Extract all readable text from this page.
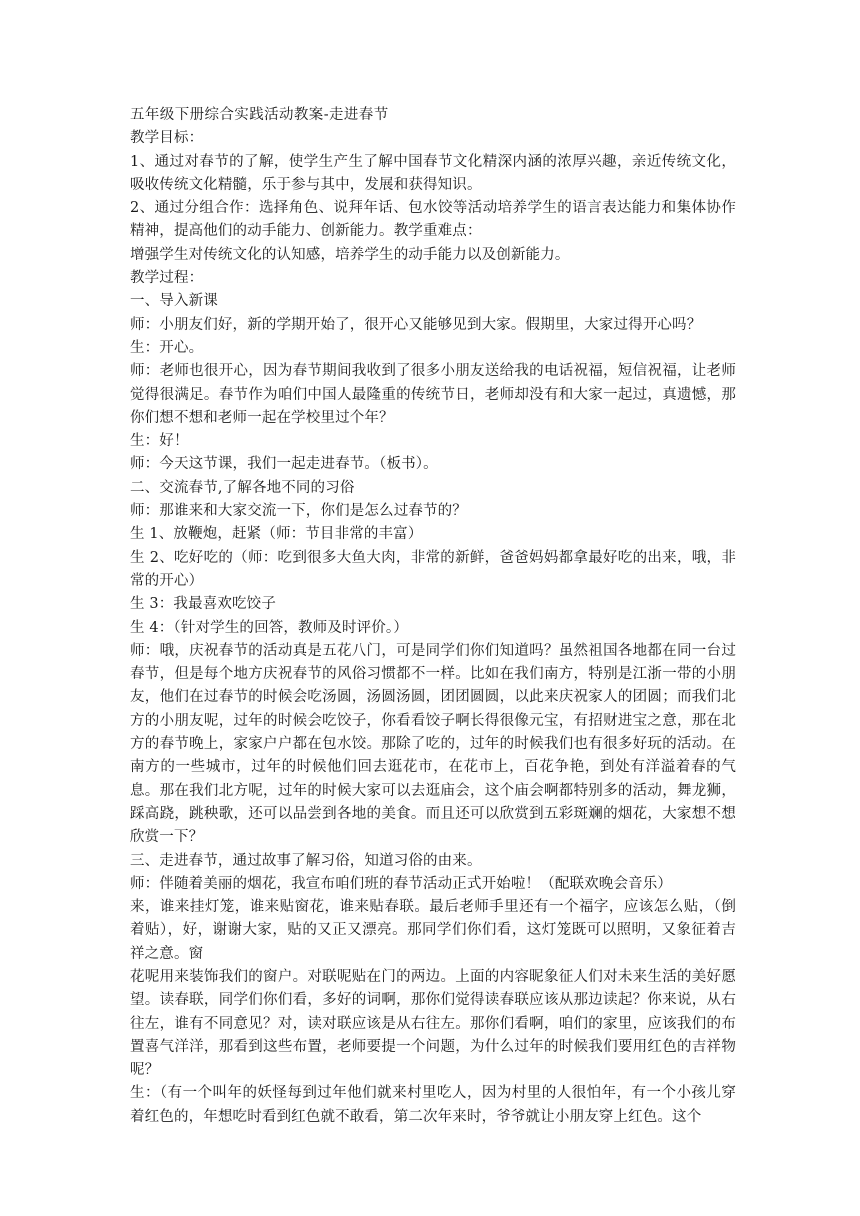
五年级下册综合实践活动教案-走进春节

教学目标：

1、通过对春节的了解，使学生产生了解中国春节文化精深内涵的浓厚兴趣，亲近传统文化，吸收传统文化精髓，乐于参与其中，发展和获得知识。

2、通过分组合作：选择角色、说拜年话、包水饺等活动培养学生的语言表达能力和集体协作精神，提高他们的动手能力、创新能力。教学重难点：

增强学生对传统文化的认知感，培养学生的动手能力以及创新能力。

教学过程：

一、导入新课

师：小朋友们好，新的学期开始了，很开心又能够见到大家。假期里，大家过得开心吗？

生：开心。

师：老师也很开心，因为春节期间我收到了很多小朋友送给我的电话祝福，短信祝福，让老师觉得很满足。春节作为咱们中国人最隆重的传统节日，老师却没有和大家一起过，真遗憾，那你们想不想和老师一起在学校里过个年？

生：好！

师：今天这节课，我们一起走进春节。（板书）。

二、交流春节,了解各地不同的习俗

师：那谁来和大家交流一下，你们是怎么过春节的？

生 1、放鞭炮，赶紧（师：节目非常的丰富）

生 2、吃好吃的（师：吃到很多大鱼大肉，非常的新鲜，爸爸妈妈都拿最好吃的出来，哦，非常的开心）

生 3：我最喜欢吃饺子

生 4：（针对学生的回答，教师及时评价。）

师：哦，庆祝春节的活动真是五花八门，可是同学们你们知道吗？虽然祖国各地都在同一台过春节，但是每个地方庆祝春节的风俗习惯都不一样。比如在我们南方，特别是江浙一带的小朋友，他们在过春节的时候会吃汤圆，汤圆汤圆，团团圆圆，以此来庆祝家人的团圆；而我们北方的小朋友呢，过年的时候会吃饺子，你看看饺子啊长得很像元宝，有招财进宝之意，那在北方的春节晚上，家家户户都在包水饺。那除了吃的，过年的时候我们也有很多好玩的活动。在南方的一些城市，过年的时候他们回去逛花市，在花市上，百花争艳，到处有洋溢着春的气息。那在我们北方呢，过年的时候大家可以去逛庙会，这个庙会啊都特别多的活动，舞龙狮，踩高跷，跳秧歌，还可以品尝到各地的美食。而且还可以欣赏到五彩斑斓的烟花，大家想不想欣赏一下？

三、走进春节，通过故事了解习俗，知道习俗的由来。

师：伴随着美丽的烟花，我宣布咱们班的春节活动正式开始啦！（配联欢晚会音乐）

来，谁来挂灯笼，谁来贴窗花，谁来贴春联。最后老师手里还有一个福字，应该怎么贴，（倒着贴），好，谢谢大家，贴的又正又漂亮。那同学们你们看，这灯笼既可以照明，又象征着吉祥之意。窗

花呢用来装饰我们的窗户。对联呢贴在门的两边。上面的内容昵象征人们对未来生活的美好愿望。读春联，同学们你们看，多好的词啊，那你们觉得读春联应该从那边读起？你来说，从右往左，谁有不同意见？对，读对联应该是从右往左。那你们看啊，咱们的家里，应该我们的布置喜气洋洋，那看到这些布置，老师要提一个问题，为什么过年的时候我们要用红色的吉祥物呢？

生：（有一个叫年的妖怪每到过年他们就来村里吃人，因为村里的人很怕年，有一个小孩儿穿着红色的，年想吃时看到红色就不敢看，第二次年来时，爷爷就让小朋友穿上红色。这个
